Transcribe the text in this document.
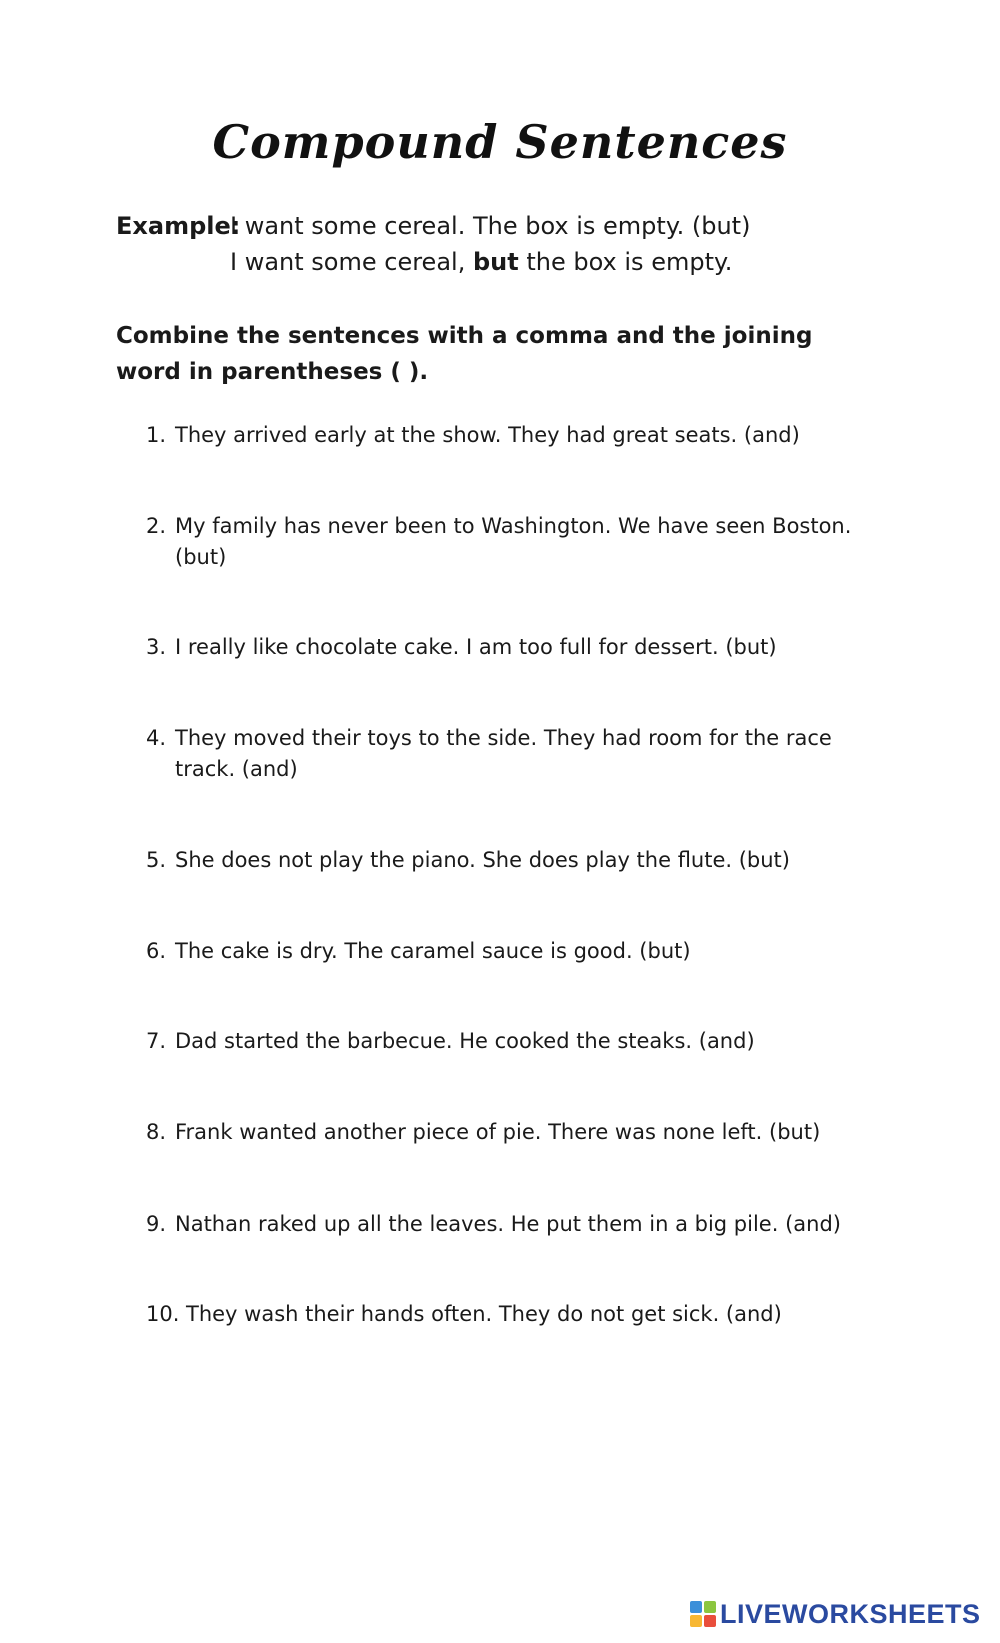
Compound Sentences
Example:I want some cereal. The box is empty. (but)
I want some cereal, but the box is empty.
Combine the sentences with a comma and the joining word in parentheses ( ).
1. They arrived early at the show. They had great seats. (and)
2. My family has never been to Washington. We have seen Boston. (but)
3. I really like chocolate cake. I am too full for dessert. (but)
4. They moved their toys to the side. They had room for the race track. (and)
5. She does not play the piano. She does play the flute. (but)
6. The cake is dry. The caramel sauce is good. (but)
7. Dad started the barbecue. He cooked the steaks. (and)
8. Frank wanted another piece of pie. There was none left. (but)
9. Nathan raked up all the leaves. He put them in a big pile. (and)
10. They wash their hands often. They do not get sick. (and)
LIVEWORKSHEETS
